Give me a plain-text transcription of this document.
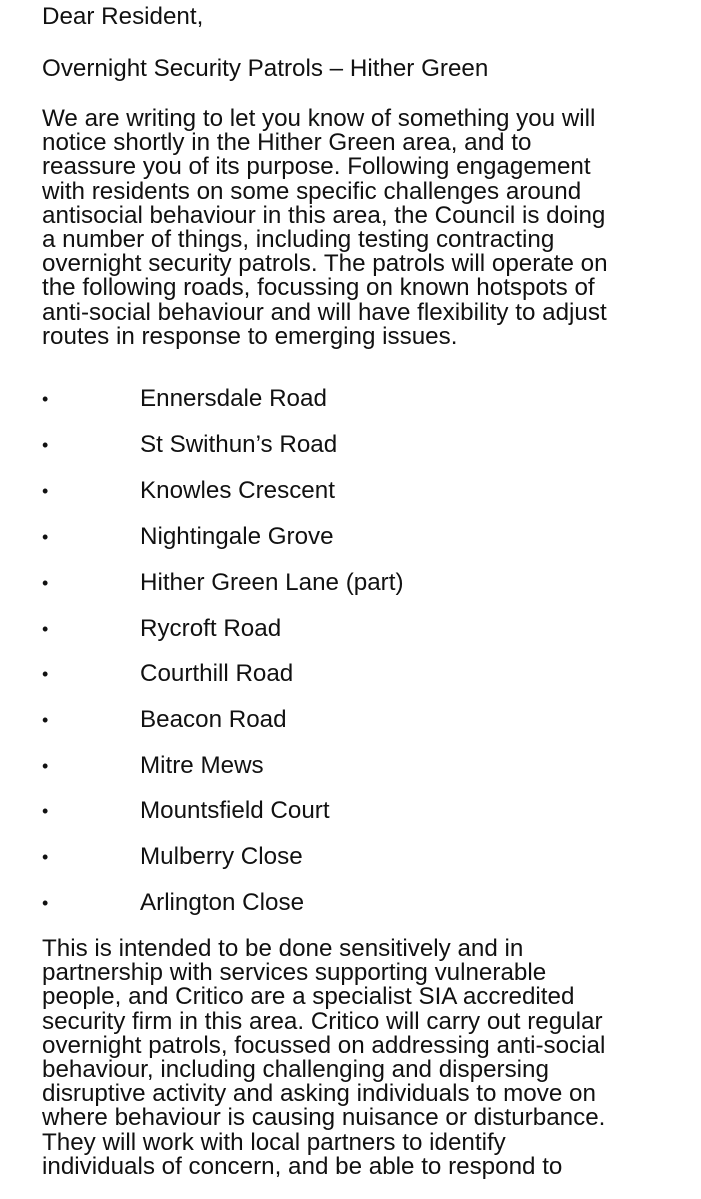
Dear Resident,

Overnight Security Patrols – Hither Green

We are writing to let you know of something you will
notice shortly in the Hither Green area, and to
reassure you of its purpose. Following engagement
with residents on some specific challenges around
antisocial behaviour in this area, the Council is doing
a number of things, including testing contracting
overnight security patrols. The patrols will operate on
the following roads, focussing on known hotspots of
anti-social behaviour and will have flexibility to adjust
routes in response to emerging issues.
•	Ennersdale Road
•	St Swithun’s Road
•	Knowles Crescent
•	Nightingale Grove
•	Hither Green Lane (part)
•	Rycroft Road
•	Courthill Road
•	Beacon Road
•	Mitre Mews
•	Mountsfield Court
•	Mulberry Close
•	Arlington Close
This is intended to be done sensitively and in
partnership with services supporting vulnerable
people, and Critico are a specialist SIA accredited
security firm in this area. Critico will carry out regular
overnight patrols, focussed on addressing anti-social
behaviour, including challenging and dispersing
disruptive activity and asking individuals to move on
where behaviour is causing nuisance or disturbance.
They will work with local partners to identify
individuals of concern, and be able to respond to
